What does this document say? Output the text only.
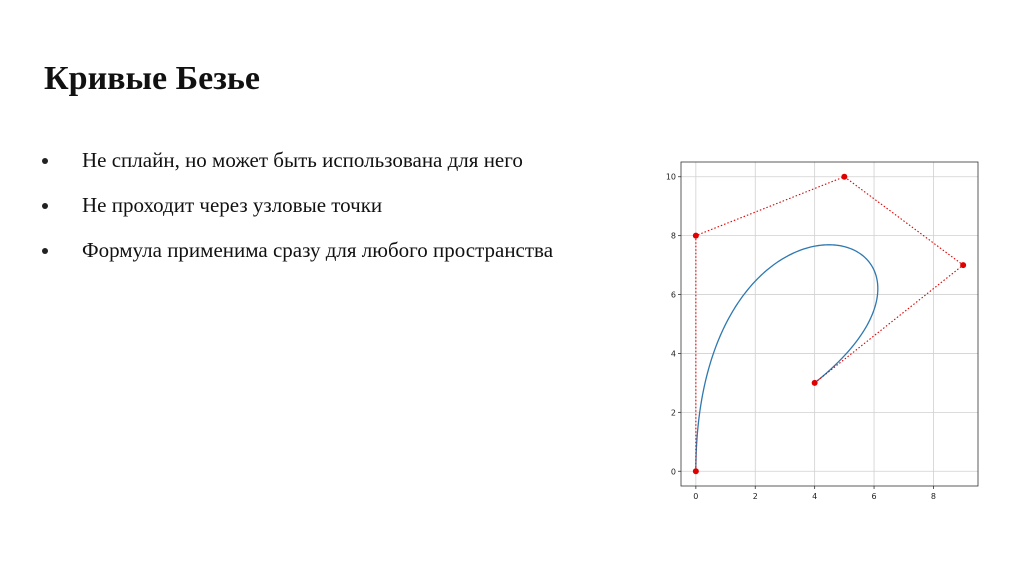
Кривые Безье
Не сплайн, но может быть использована для него
Не проходит через узловые точки
Формула применима сразу для любого пространства
0	2	4	6	8
0
2
4
6
8
10
